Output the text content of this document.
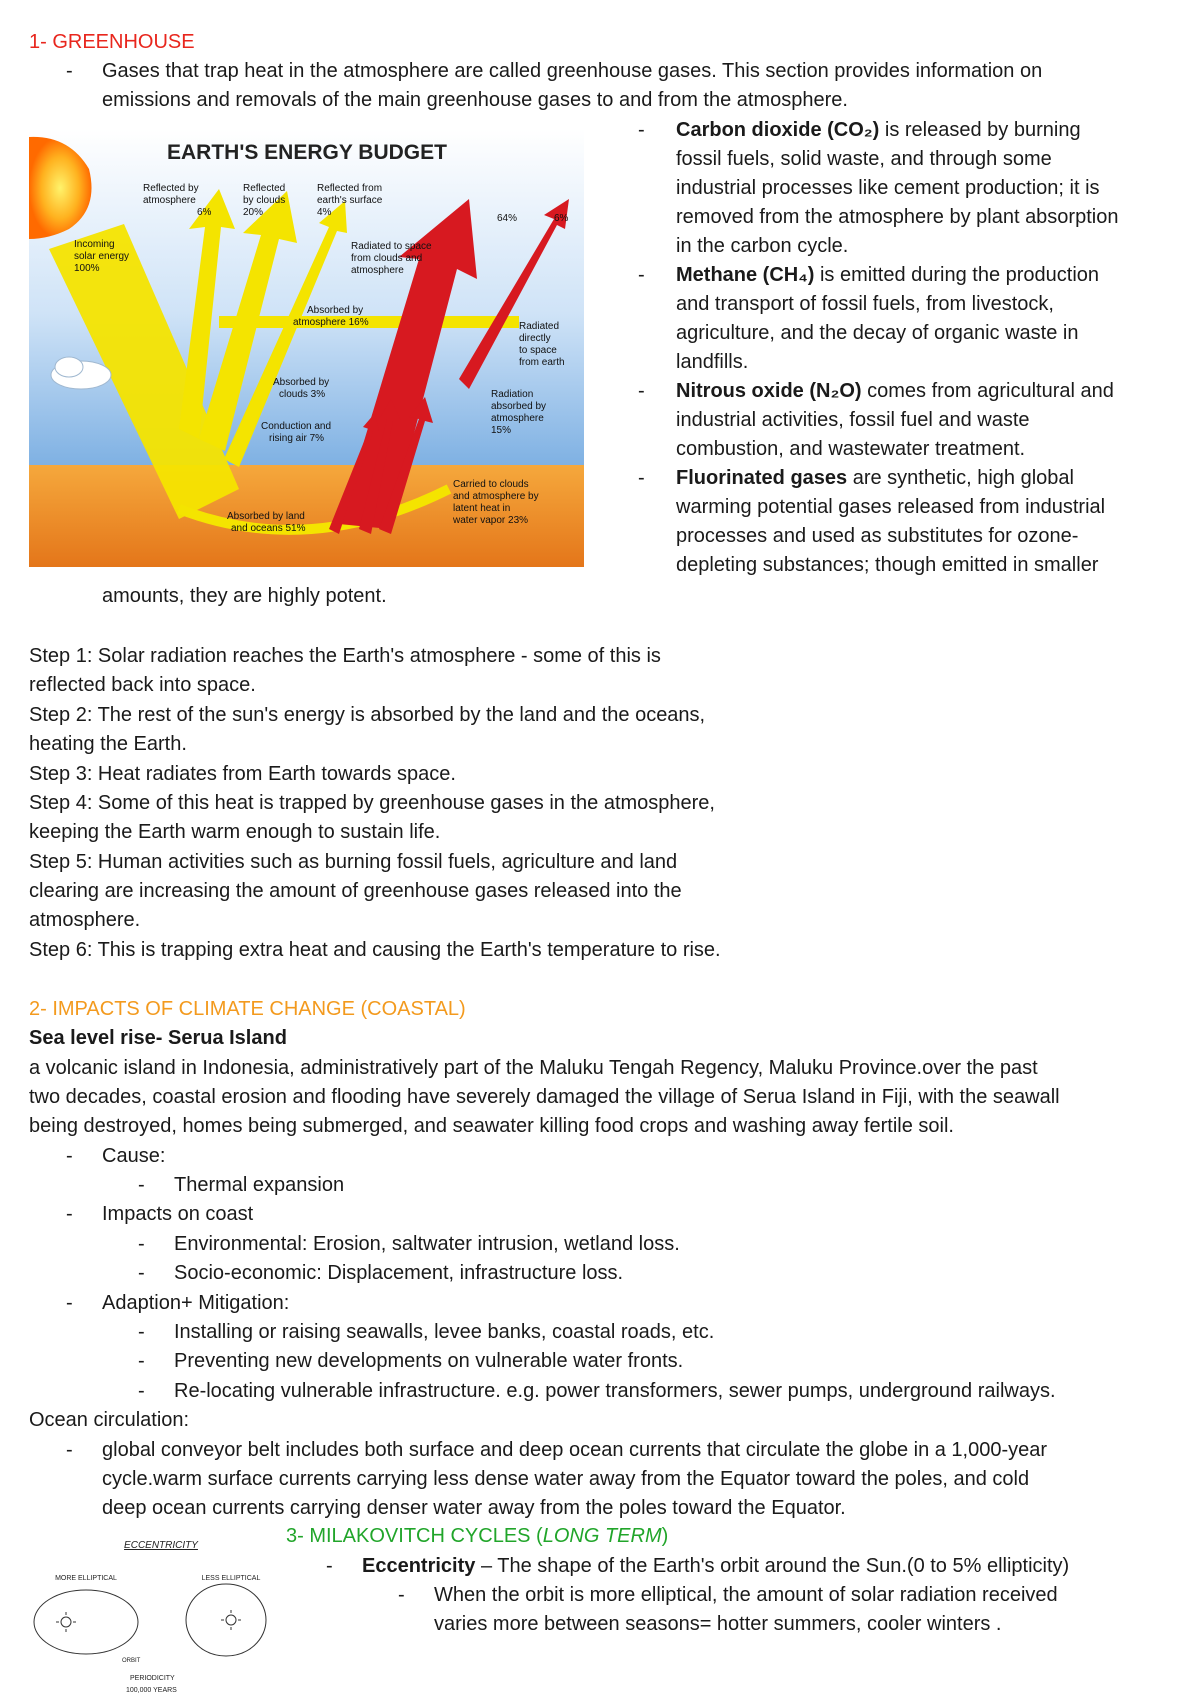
1- GREENHOUSE
-	Gases that trap heat in the atmosphere are called greenhouse gases. This section provides information on
emissions and removals of the main greenhouse gases to and from the atmosphere.
EARTH'S ENERGY BUDGET
Incoming
solar energy
100%
Reflected by
atmosphere
6%
Reflected
by clouds
20%
Reflected from
earth's surface
4%
64%	6%
Radiated to space
from clouds and
atmosphere
Absorbed by
atmosphere 16%	Radiated
directly
to space
from earth
Absorbed by
clouds 3%	Radiation
absorbed by
atmosphere
15%
Conduction and
rising air 7%
Carried to clouds
and atmosphere by
latent heat in
water vapor 23%
Absorbed by land
and oceans 51%
-	Carbon dioxide (CO₂) is released by burning
fossil fuels, solid waste, and through some
industrial processes like cement production; it is
removed from the atmosphere by plant absorption
in the carbon cycle.
-	Methane (CH₄) is emitted during the production
and transport of fossil fuels, from livestock,
agriculture, and the decay of organic waste in
landfills.
-	Nitrous oxide (N₂O) comes from agricultural and
industrial activities, fossil fuel and waste
combustion, and wastewater treatment.
-	Fluorinated gases are synthetic, high global
warming potential gases released from industrial
processes and used as substitutes for ozone-
depleting substances; though emitted in smaller
amounts, they are highly potent.
Step 1: Solar radiation reaches the Earth's atmosphere - some of this is
reflected back into space.
Step 2: The rest of the sun's energy is absorbed by the land and the oceans,
heating the Earth.
Step 3: Heat radiates from Earth towards space.
Step 4: Some of this heat is trapped by greenhouse gases in the atmosphere,
keeping the Earth warm enough to sustain life.
Step 5: Human activities such as burning fossil fuels, agriculture and land
clearing are increasing the amount of greenhouse gases released into the
atmosphere.
Step 6: This is trapping extra heat and causing the Earth's temperature to rise.
2- IMPACTS OF CLIMATE CHANGE (COASTAL)
Sea level rise- Serua Island
a volcanic island in Indonesia, administratively part of the Maluku Tengah Regency, Maluku Province.over the past
two decades, coastal erosion and flooding have severely damaged the village of Serua Island in Fiji, with the seawall
being destroyed, homes being submerged, and seawater killing food crops and washing away fertile soil.
-	Cause:
-	Thermal expansion
-	Impacts on coast
-	Environmental: Erosion, saltwater intrusion, wetland loss.
-	Socio-economic: Displacement, infrastructure loss.
-	Adaption+ Mitigation:
-	Installing or raising seawalls, levee banks, coastal roads, etc.
-	Preventing new developments on vulnerable water fronts.
-	Re-locating vulnerable infrastructure. e.g. power transformers, sewer pumps, underground railways.
Ocean circulation:
-	global conveyor belt includes both surface and deep ocean currents that circulate the globe in a 1,000-year
cycle.warm surface currents carrying less dense water away from the Equator toward the poles, and cold
deep ocean currents carrying denser water away from the poles toward the Equator.
3- MILAKOVITCH CYCLES (LONG TERM)
-	Eccentricity – The shape of the Earth's orbit around the Sun.(0 to 5% ellipticity)
-	When the orbit is more elliptical, the amount of solar radiation received
varies more between seasons= hotter summers, cooler winters .
ECCENTRICITY
MORE ELLIPTICAL	LESS ELLIPTICAL
ORBIT
PERIODICITY
100,000 YEARS
